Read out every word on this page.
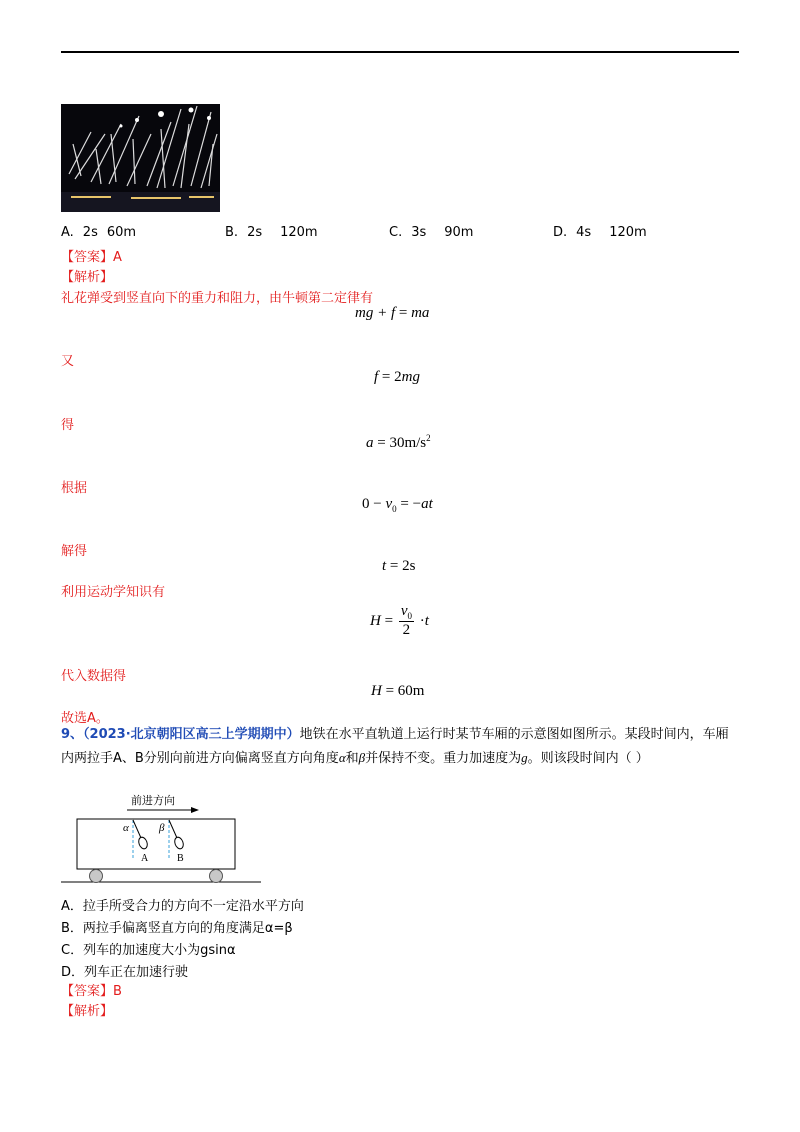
A. 2s 60m	B. 2s 120m	C. 3s 90m	D. 4s 120m
【答案】A
【解析】
礼花弹受到竖直向下的重力和阻力，由牛顿第二定律有
mg + f = ma
又
f = 2mg
得
$a = 30m/s^2$
根据
$0 - v_0 = -at$
解得
t = 2s
利用运动学知识有
$H = \frac{v_0}{2} \cdot t$
代入数据得
H = 60m
故选A。
9、（2023·北京朝阳区高三上学期期中）地铁在水平直轨道上运行时某节车厢的示意图如图所示。某段时间内，车厢内两拉手A、B分别向前进方向偏离竖直方向角度α和β并保持不变。重力加速度为g。则该段时间内（ ）
前进方向
α
A
β
B
A．拉手所受合力的方向不一定沿水平方向
B．两拉手偏离竖直方向的角度满足α=β
C．列车的加速度大小为gsinα
D．列车正在加速行驶
【答案】B
【解析】
